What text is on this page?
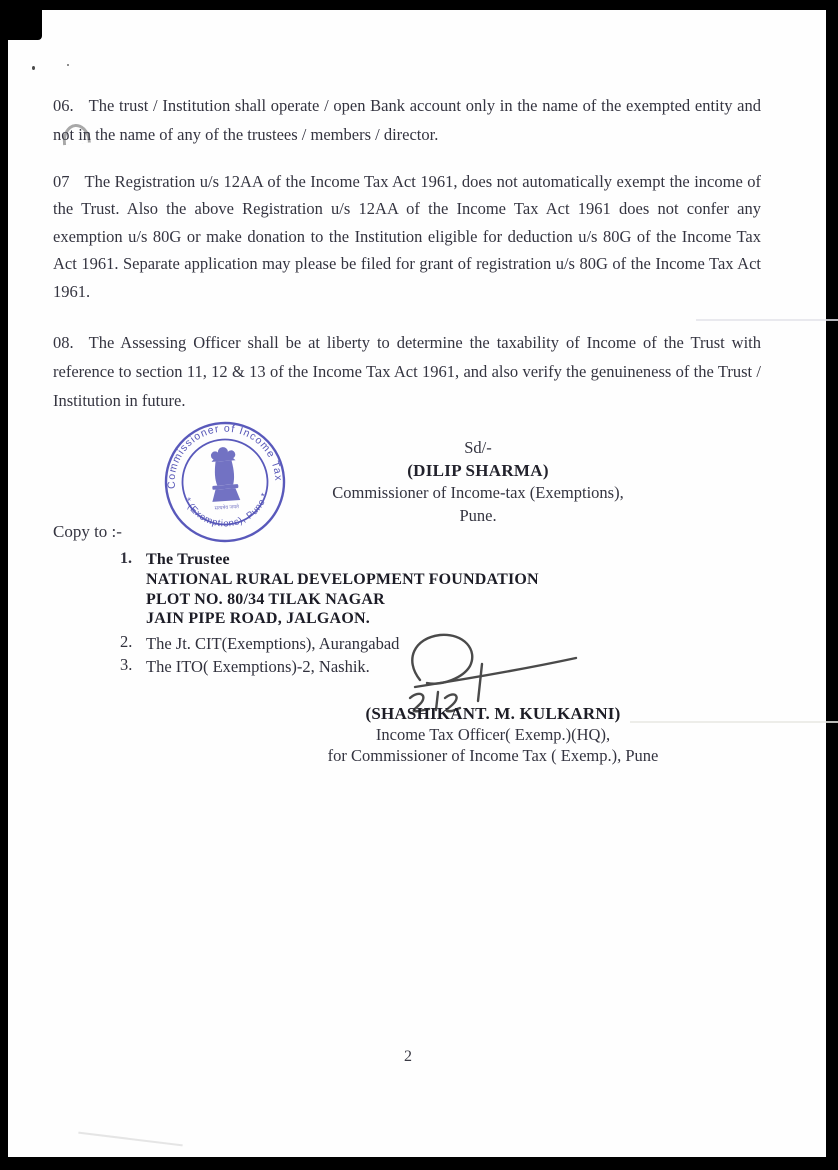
06. The trust / Institution shall operate / open Bank account only in the name of the exempted entity and not in the name of any of the trustees / members / director.

07 The Registration u/s 12AA of the Income Tax Act 1961, does not automatically exempt the income of the Trust. Also the above Registration u/s 12AA of the Income Tax Act 1961 does not confer any exemption u/s 80G or make donation to the Institution eligible for deduction u/s 80G of the Income Tax Act 1961. Separate application may please be filed for grant of registration u/s 80G of the Income Tax Act 1961.

08. The Assessing Officer shall be at liberty to determine the taxability of Income of the Trust with reference to section 11, 12 & 13 of the Income Tax Act 1961, and also verify the genuineness of the Trust / Institution in future.

Commissioner of Income Tax
* (Exemptions), Pune *
सत्यमेव जयते
Sd/-
(DILIP SHARMA)
Commissioner of Income-tax (Exemptions),
Pune.
Copy to :-
1. The Trustee
NATIONAL RURAL DEVELOPMENT FOUNDATION
PLOT NO. 80/34 TILAK NAGAR
JAIN PIPE ROAD, JALGAON.
2. The Jt. CIT(Exemptions), Aurangabad
3. The ITO( Exemptions)-2, Nashik.
(SHASHIKANT. M. KULKARNI)
Income Tax Officer( Exemp.)(HQ),
for Commissioner of Income Tax ( Exemp.), Pune
2
